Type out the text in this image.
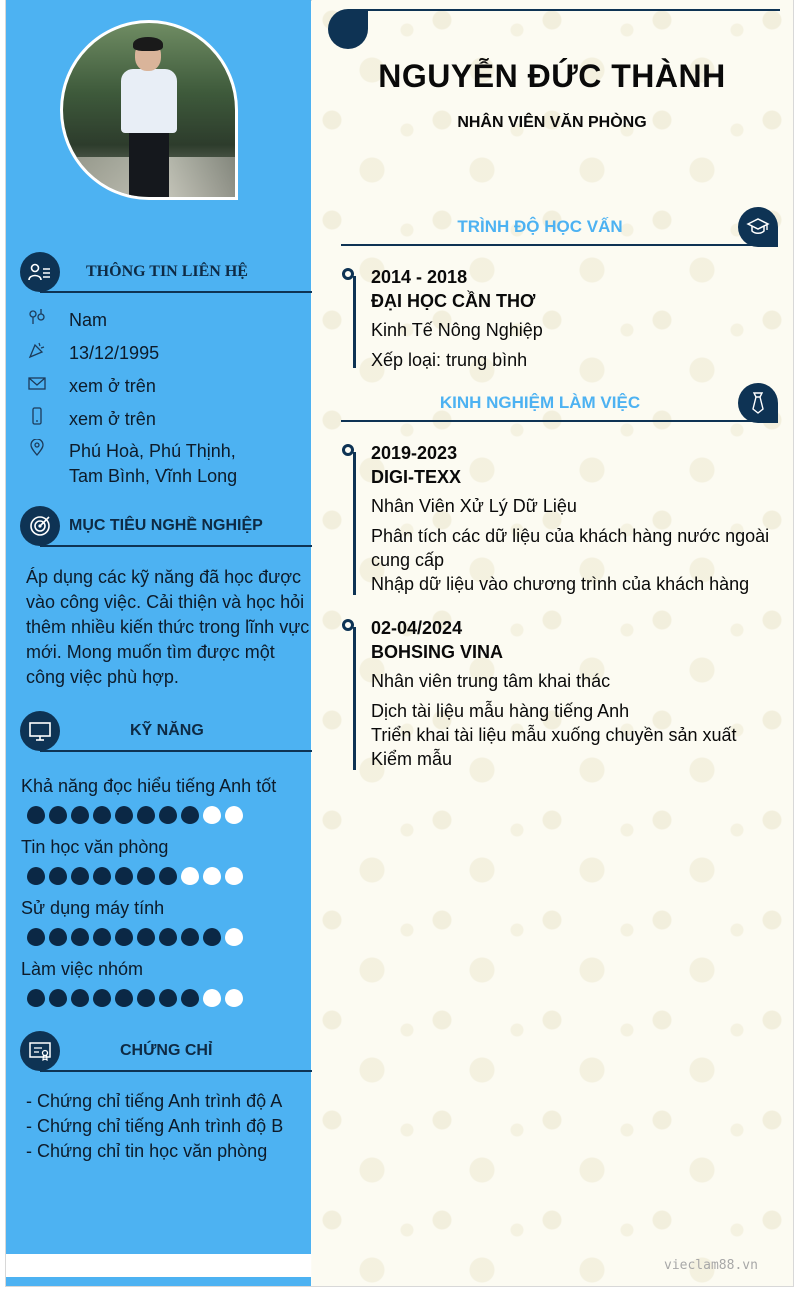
THÔNG TIN LIÊN HỆ
Nam
13/12/1995
xem ở trên
xem ở trên
Phú Hoà, Phú Thịnh,
Tam Bình, Vĩnh Long
MỤC TIÊU NGHỀ NGHIỆP
Áp dụng các kỹ năng đã học được
vào công việc. Cải thiện và học hỏi
thêm nhiều kiến thức trong lĩnh vực
mới. Mong muốn tìm được một
công việc phù hợp.
KỸ NĂNG
Khả năng đọc hiểu tiếng Anh tốt
Tin học văn phòng
Sử dụng máy tính
Làm việc nhóm
CHỨNG CHỈ
- Chứng chỉ tiếng Anh trình độ A
- Chứng chỉ tiếng Anh trình độ B
- Chứng chỉ tin học văn phòng
NGUYỄN ĐỨC THÀNH
NHÂN VIÊN VĂN PHÒNG
TRÌNH ĐỘ HỌC VẤN
2014 - 2018
ĐẠI HỌC CẦN THƠ
Kinh Tế Nông Nghiệp
Xếp loại: trung bình
KINH NGHIỆM LÀM VIỆC
2019-2023
DIGI-TEXX
Nhân Viên Xử Lý Dữ Liệu
Phân tích các dữ liệu của khách hàng nước ngoài
cung cấp
Nhập dữ liệu vào chương trình của khách hàng
02-04/2024
BOHSING VINA
Nhân viên trung tâm khai thác
Dịch tài liệu mẫu hàng tiếng Anh
Triển khai tài liệu mẫu xuống chuyền sản xuất
Kiểm mẫu
vieclam88.vn
